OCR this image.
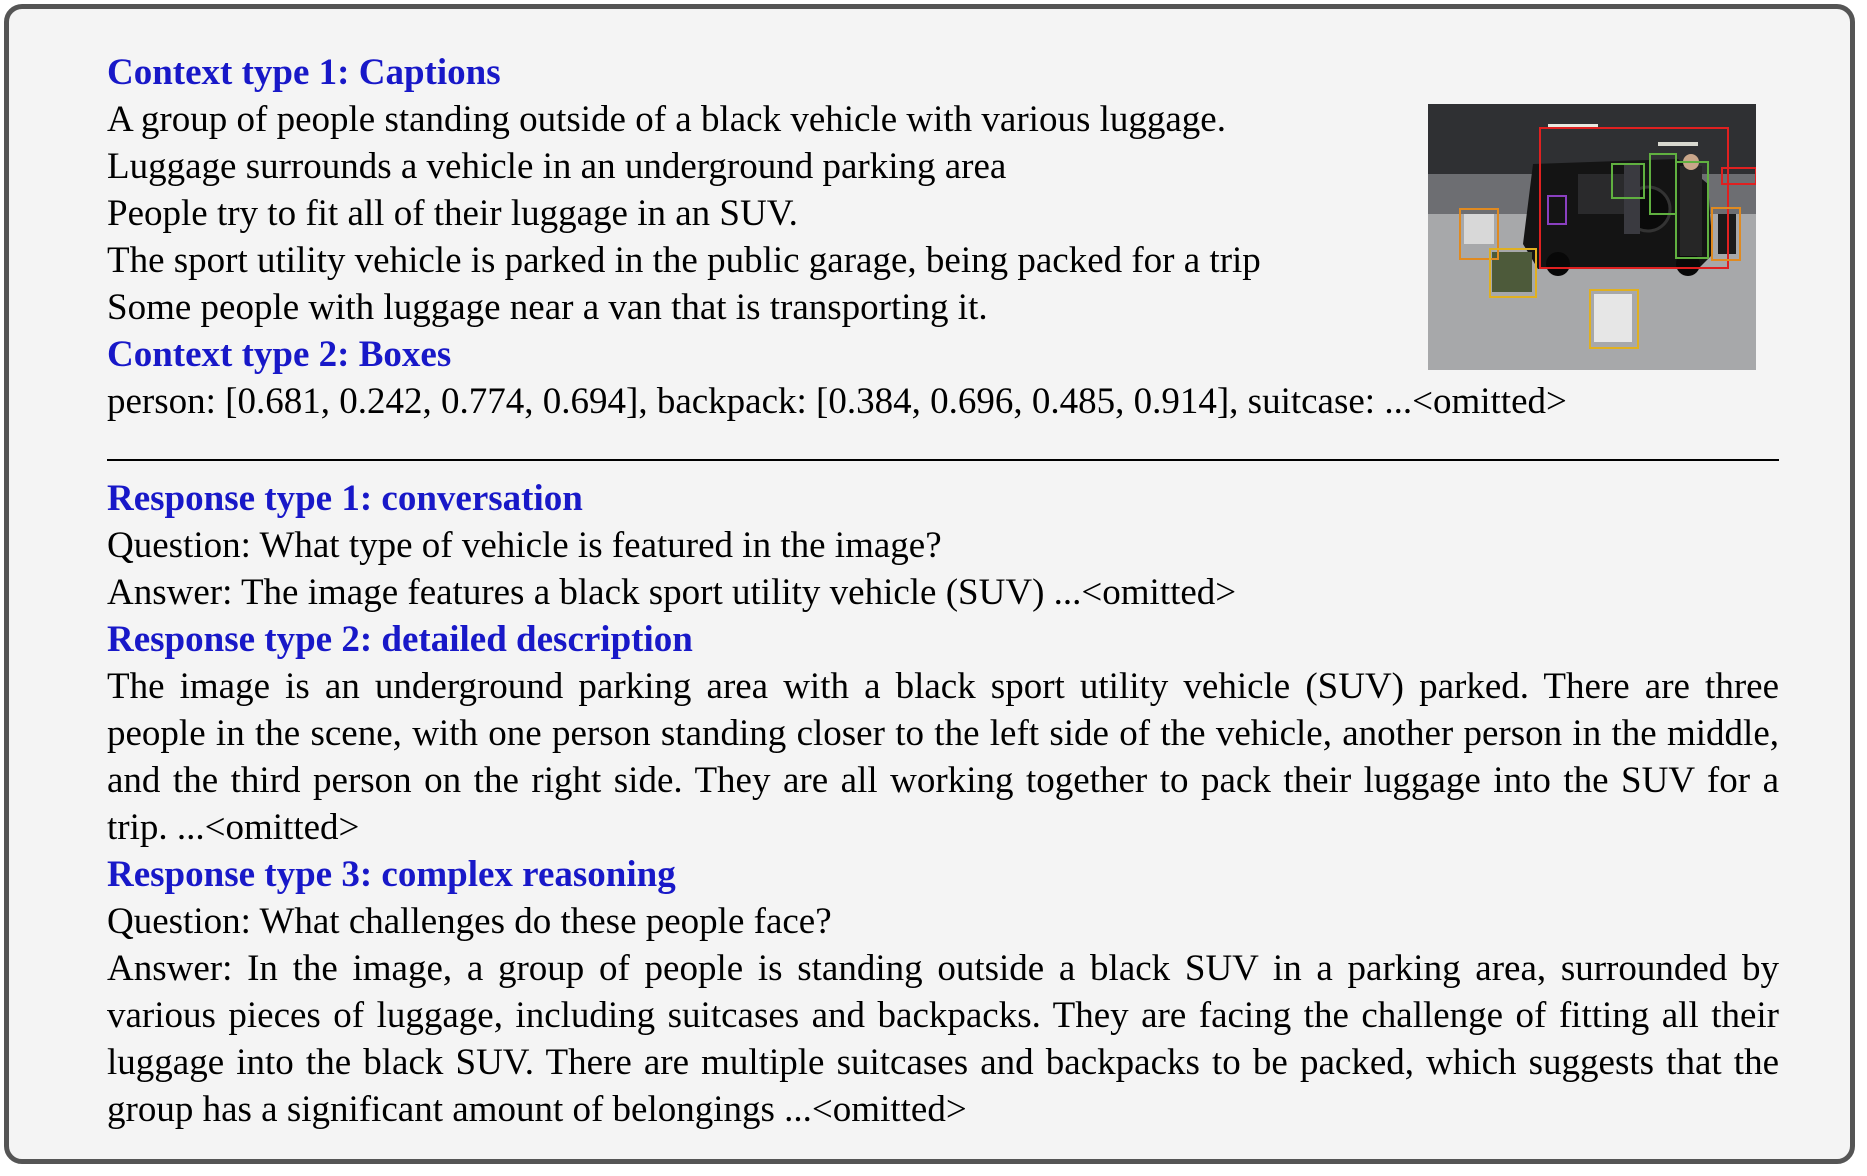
Context type 1: Captions
A group of people standing outside of a black vehicle with various luggage.
Luggage surrounds a vehicle in an underground parking area
People try to fit all of their luggage in an SUV.
The sport utility vehicle is parked in the public garage, being packed for a trip
Some people with luggage near a van that is transporting it.
Context type 2: Boxes
person: [0.681, 0.242, 0.774, 0.694], backpack: [0.384, 0.696, 0.485, 0.914], suitcase: ...<omitted>
Response type 1: conversation
Question: What type of vehicle is featured in the image?
Answer: The image features a black sport utility vehicle (SUV) ...<omitted>
Response type 2: detailed description
The image is an underground parking area with a black sport utility vehicle (SUV) parked. There are three people in the scene, with one person standing closer to the left side of the vehicle, another person in the middle, and the third person on the right side. They are all working together to pack their luggage into the SUV for a trip. ...<omitted>
Response type 3: complex reasoning
Question: What challenges do these people face?
Answer: In the image, a group of people is standing outside a black SUV in a parking area, surrounded by various pieces of luggage, including suitcases and backpacks. They are facing the challenge of fitting all their luggage into the black SUV. There are multiple suitcases and backpacks to be packed, which suggests that the group has a significant amount of belongings ...<omitted>
